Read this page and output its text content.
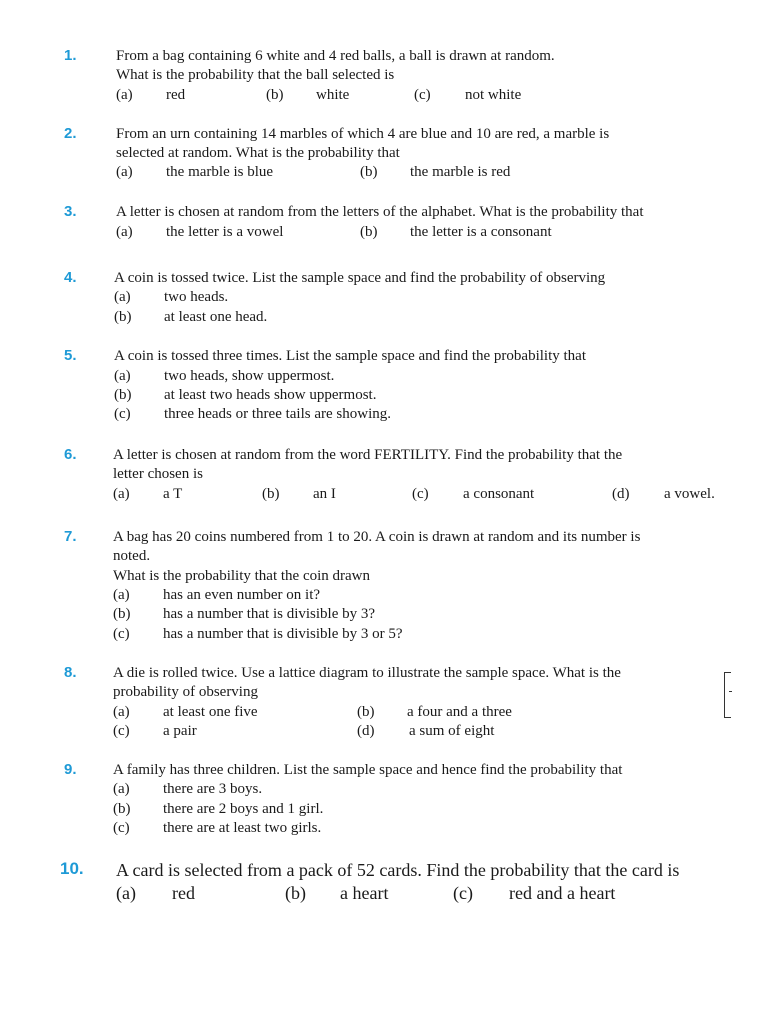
1.	From a bag containing 6 white and 4 red balls, a ball is drawn at random.
What is the probability that the ball selected is
(a) red	(b) white	(c) not white
2.	From an urn containing 14 marbles of which 4 are blue and 10 are red, a marble is
selected at random. What is the probability that
(a) the marble is blue	(b) the marble is red
3.	A letter is chosen at random from the letters of the alphabet. What is the probability that
(a) the letter is a vowel	(b) the letter is a consonant
4. A coin is tossed twice. List the sample space and find the probability of observing
(a) two heads.
(b) at least one head.
5. A coin is tossed three times. List the sample space and find the probability that
(a) two heads, show uppermost.
(b) at least two heads show uppermost.
(c) three heads or three tails are showing.
6. A letter is chosen at random from the word FERTILITY. Find the probability that the
letter chosen is
(a) a T	(b) an I	(c) a consonant	(d) a vowel.
7. A bag has 20 coins numbered from 1 to 20. A coin is drawn at random and its number is
noted.
What is the probability that the coin drawn
(a) has an even number on it?
(b) has a number that is divisible by 3?
(c) has a number that is divisible by 3 or 5?
8. A die is rolled twice. Use a lattice diagram to illustrate the sample space. What is the
probability of observing
(a) at least one five	(b) a four and a three
(c) a pair	(d) a sum of eight
9. A family has three children. List the sample space and hence find the probability that
(a) there are 3 boys.
(b) there are 2 boys and 1 girl.
(c) there are at least two girls.
10. A card is selected from a pack of 52 cards. Find the probability that the card is
(a) red	(b) a heart	(c) red and a heart
